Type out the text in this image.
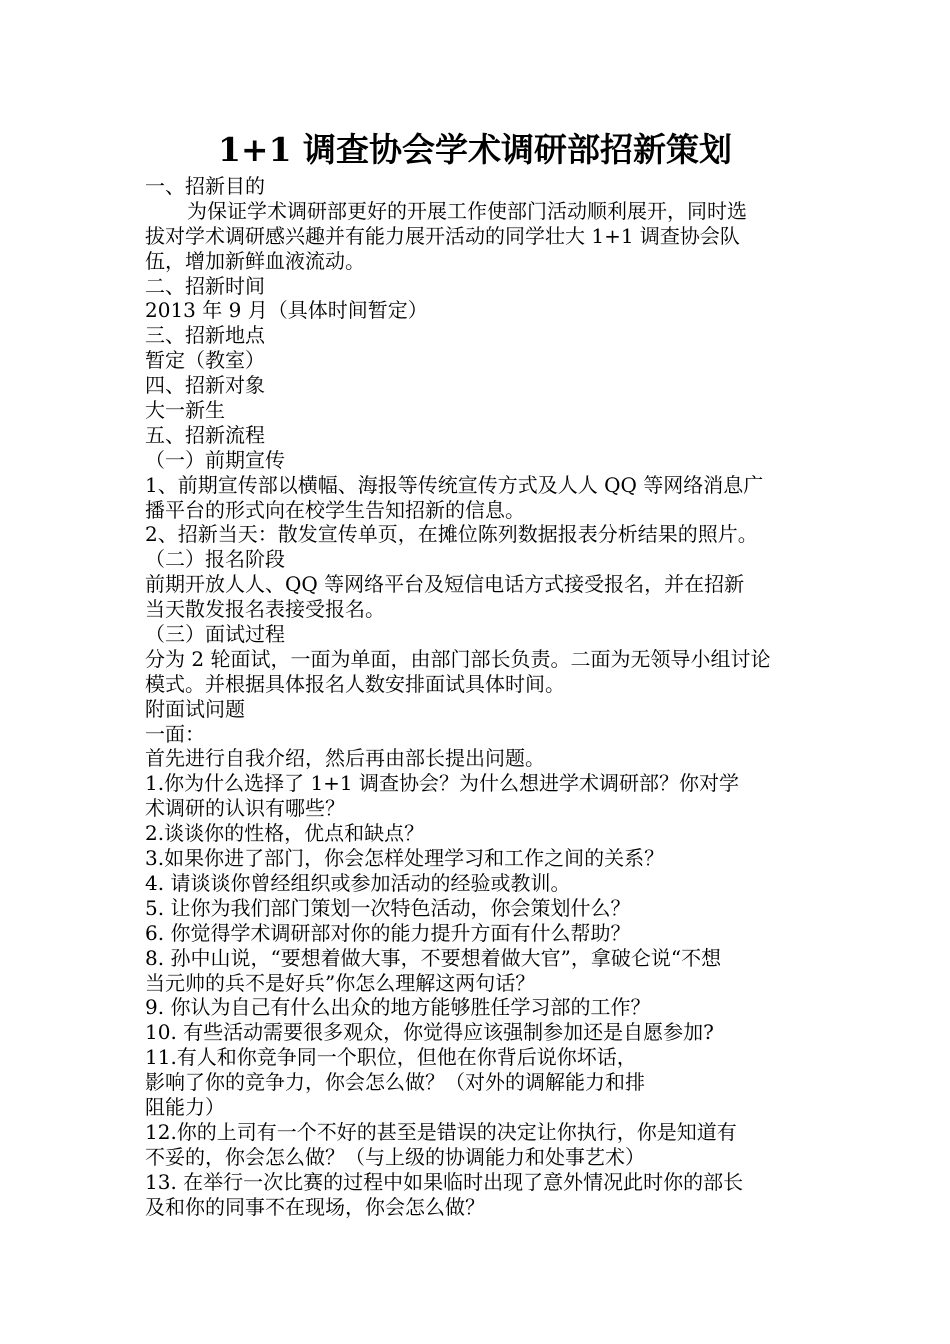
1+1 调查协会学术调研部招新策划
一、招新目的
为保证学术调研部更好的开展工作使部门活动顺利展开，同时选
拔对学术调研感兴趣并有能力展开活动的同学壮大 1+1 调查协会队
伍，增加新鲜血液流动。
二、招新时间
2013 年 9 月（具体时间暂定）
三、招新地点
暂定（教室）
四、招新对象
大一新生
五、招新流程
（一）前期宣传
1、前期宣传部以横幅、海报等传统宣传方式及人人 QQ 等网络消息广
播平台的形式向在校学生告知招新的信息。
2、招新当天：散发宣传单页，在摊位陈列数据报表分析结果的照片。
（二）报名阶段
前期开放人人、QQ 等网络平台及短信电话方式接受报名，并在招新
当天散发报名表接受报名。
（三）面试过程
分为 2 轮面试，一面为单面，由部门部长负责。二面为无领导小组讨论
模式。并根据具体报名人数安排面试具体时间。
附面试问题
一面：
首先进行自我介绍，然后再由部长提出问题。
1.你为什么选择了 1+1 调查协会？为什么想进学术调研部？你对学
术调研的认识有哪些？
2.谈谈你的性格，优点和缺点？
3.如果你进了部门，你会怎样处理学习和工作之间的关系？
4. 请谈谈你曾经组织或参加活动的经验或教训。
5. 让你为我们部门策划一次特色活动，你会策划什么？
6. 你觉得学术调研部对你的能力提升方面有什么帮助？
8. 孙中山说，“要想着做大事，不要想着做大官”，拿破仑说“不想
当元帅的兵不是好兵”你怎么理解这两句话？
9. 你认为自己有什么出众的地方能够胜任学习部的工作？
10. 有些活动需要很多观众，你觉得应该强制参加还是自愿参加?
11.有人和你竞争同一个职位，但他在你背后说你坏话，
影响了你的竞争力，你会怎么做？（对外的调解能力和排
阻能力）
12.你的上司有一个不好的甚至是错误的决定让你执行，你是知道有
不妥的，你会怎么做？（与上级的协调能力和处事艺术）
13. 在举行一次比赛的过程中如果临时出现了意外情况此时你的部长
及和你的同事不在现场，你会怎么做？
